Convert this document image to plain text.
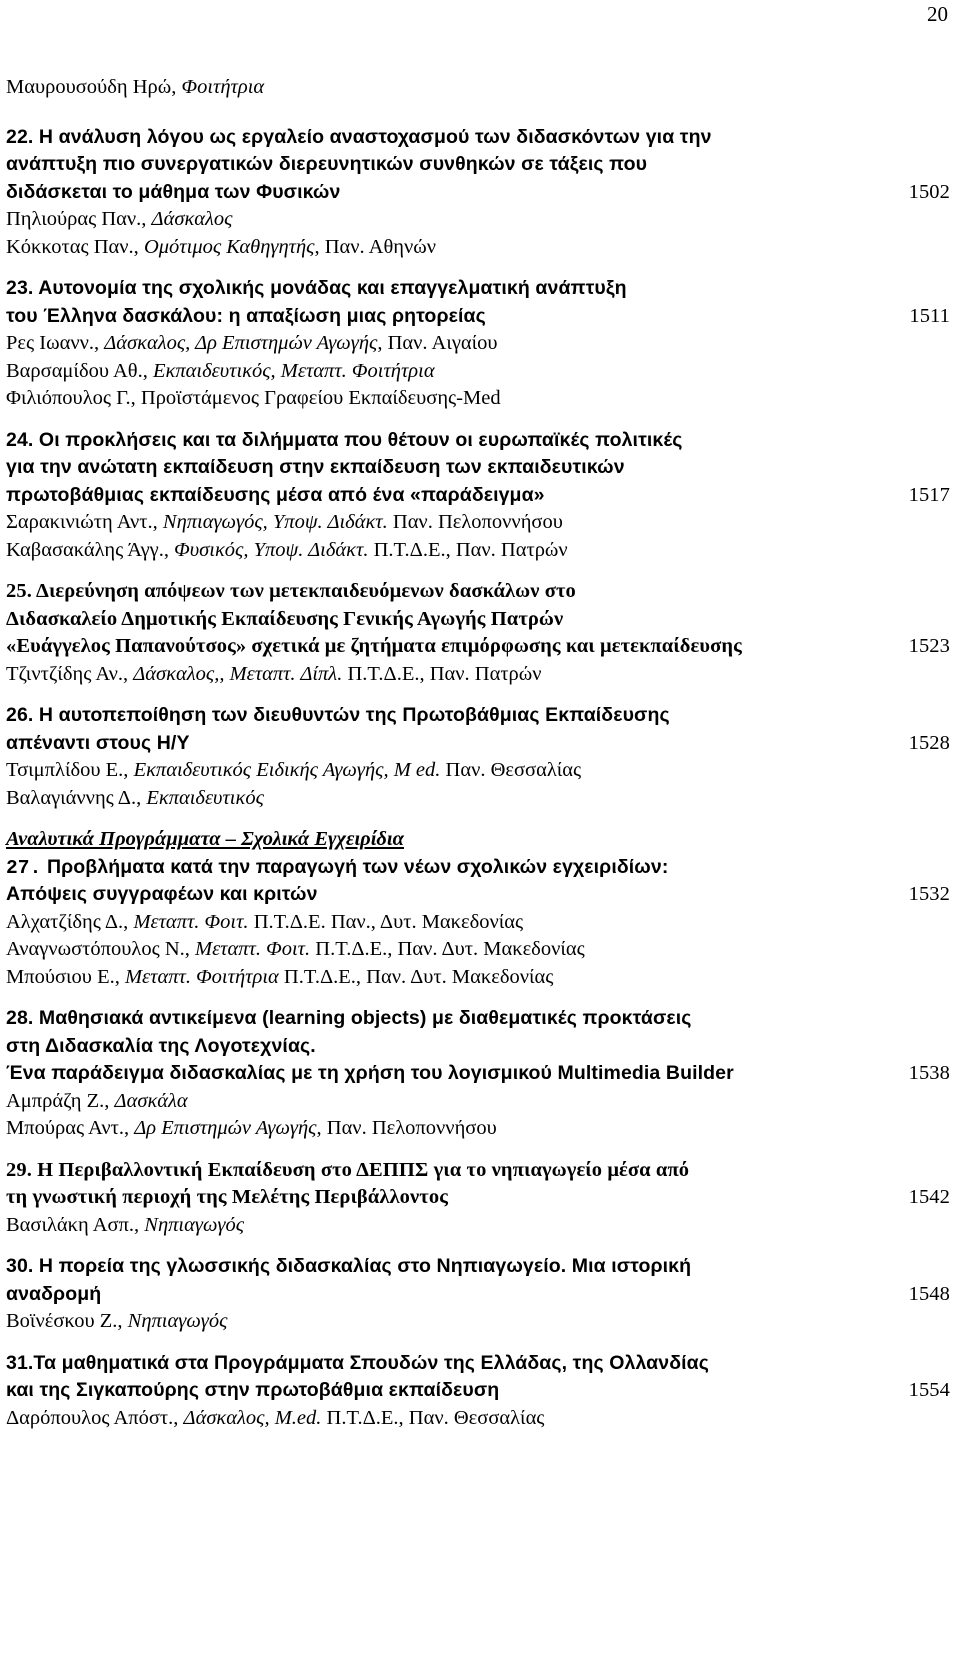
20
Μαυρουσούδη Ηρώ, Φοιτήτρια
22. Η ανάλυση λόγου ως εργαλείο αναστοχασμού των διδασκόντων για την
ανάπτυξη πιο συνεργατικών διερευνητικών συνθηκών σε τάξεις που
διδάσκεται το μάθημα των Φυσικών	1502
Πηλιούρας Παν., Δάσκαλος
Κόκκοτας Παν., Ομότιμος Καθηγητής, Παν. Αθηνών
23. Αυτονομία της σχολικής μονάδας και επαγγελματική ανάπτυξη
του Έλληνα δασκάλου: η απαξίωση μιας ρητορείας	1511
Ρες Ιωανν., Δάσκαλος, Δρ Επιστημών Αγωγής, Παν. Αιγαίου
Βαρσαμίδου Αθ., Εκπαιδευτικός, Μεταπτ. Φοιτήτρια
Φιλιόπουλος Γ., Προϊστάμενος Γραφείου Εκπαίδευσης-Med
24. Οι προκλήσεις και τα διλήμματα που θέτουν οι ευρωπαϊκές πολιτικές
για την ανώτατη εκπαίδευση στην εκπαίδευση των εκπαιδευτικών
πρωτοβάθμιας εκπαίδευσης μέσα από ένα «παράδειγμα»	1517
Σαρακινιώτη Αντ., Νηπιαγωγός, Υποψ. Διδάκτ. Παν. Πελοποννήσου
Καβασακάλης Άγγ., Φυσικός, Υποψ. Διδάκτ. Π.Τ.Δ.Ε., Παν. Πατρών
25. Διερεύνηση απόψεων των μετεκπαιδευόμενων δασκάλων στο
Διδασκαλείο Δημοτικής Εκπαίδευσης Γενικής Αγωγής Πατρών
«Ευάγγελος Παπανούτσος» σχετικά με ζητήματα επιμόρφωσης και μετεκπαίδευσης	1523
Τζιντζίδης Αν., Δάσκαλος,, Μεταπτ. Δίπλ. Π.Τ.Δ.Ε., Παν. Πατρών
26. Η αυτοπεποίθηση των διευθυντών της Πρωτοβάθμιας Εκπαίδευσης
απέναντι στους Η/Υ	1528
Τσιμπλίδου Ε., Εκπαιδευτικός Ειδικής Αγωγής, M ed. Παν. Θεσσαλίας
Βαλαγιάννης Δ., Εκπαιδευτικός
Αναλυτικά Προγράμματα – Σχολικά Εγχειρίδια
27. Προβλήματα κατά την παραγωγή των νέων σχολικών εγχειριδίων:
Απόψεις συγγραφέων και κριτών	1532
Αλχατζίδης Δ., Μεταπτ. Φοιτ. Π.Τ.Δ.Ε. Παν., Δυτ. Μακεδονίας
Αναγνωστόπουλος Ν., Μεταπτ. Φοιτ. Π.Τ.Δ.Ε., Παν. Δυτ. Μακεδονίας
Μπούσιου Ε., Μεταπτ. Φοιτήτρια Π.Τ.Δ.Ε., Παν. Δυτ. Μακεδονίας
28. Μαθησιακά αντικείμενα (learning objects) με διαθεματικές προκτάσεις
στη Διδασκαλία της Λογοτεχνίας.
Ένα παράδειγμα διδασκαλίας με τη χρήση του λογισμικού Multimedia Builder	1538
Αμπράζη Ζ., Δασκάλα
Μπούρας Αντ., Δρ Επιστημών Αγωγής, Παν. Πελοποννήσου
29. Η Περιβαλλοντική Εκπαίδευση στο ΔΕΠΠΣ για το νηπιαγωγείο μέσα από
τη γνωστική περιοχή της Μελέτης Περιβάλλοντος	1542
Βασιλάκη Ασπ., Νηπιαγωγός
30. Η πορεία της γλωσσικής διδασκαλίας στο Νηπιαγωγείο. Μια ιστορική
αναδρομή	1548
Βοϊνέσκου Ζ., Νηπιαγωγός
31.Τα μαθηματικά στα Προγράμματα Σπουδών της Ελλάδας, της Ολλανδίας
και της Σιγκαπούρης στην πρωτοβάθμια εκπαίδευση	1554
Δαρόπουλος Απόστ., Δάσκαλος, M.ed. Π.Τ.Δ.Ε., Παν. Θεσσαλίας
